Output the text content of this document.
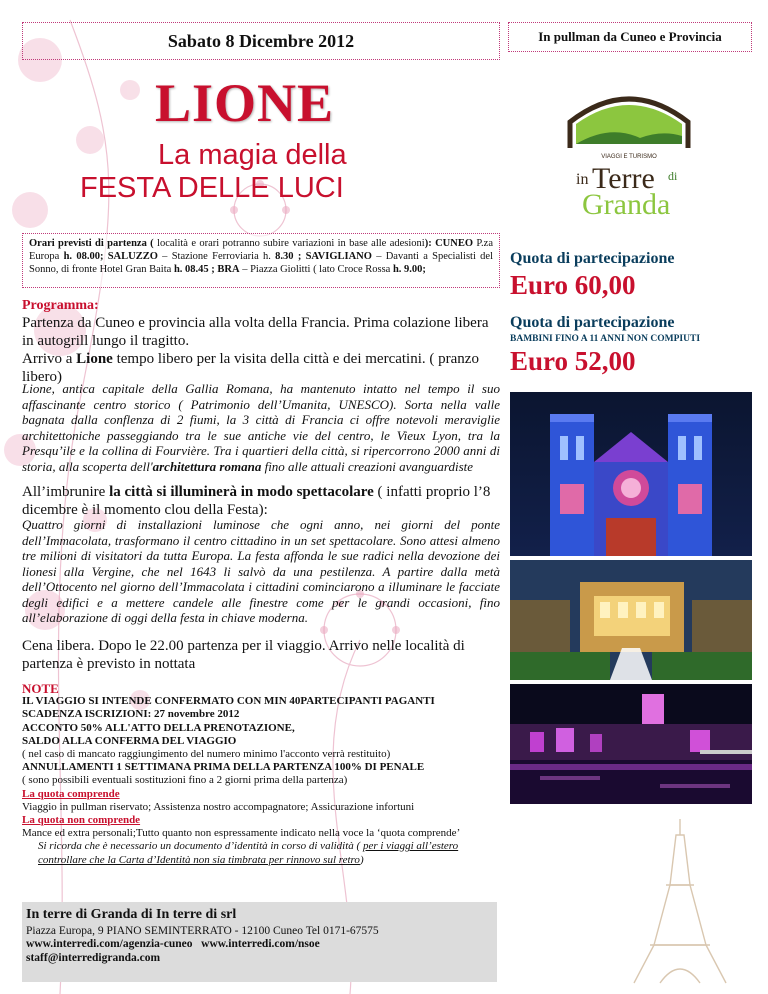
Sabato 8 Dicembre 2012	In pullman da Cuneo e Provincia
LIONE
La magia della
FESTA DELLE LUCI
Orari previsti di partenza ( località e orari potranno subire variazioni in base alle adesioni): CUNEO P.za Europa h. 08.00; SALUZZO – Stazione Ferroviaria h. 8.30 ; SAVIGLIANO – Davanti a Specialisti del Sonno, di fronte Hotel Gran Baita h. 08.45 ; BRA – Piazza Giolitti ( lato Croce Rossa h. 9.00;
Programma:
Partenza da Cuneo e provincia alla volta della Francia. Prima colazione libera in autogrill lungo il tragitto.
Arrivo a Lione tempo libero per la visita della città e dei mercatini. ( pranzo libero)
Lione, antica capitale della Gallia Romana, ha mantenuto intatto nel tempo il suo affascinante centro storico ( Patrimonio dell’Umanita, UNESCO). Sorta nella valle bagnata dalla conflenza di 2 fiumi, la 3 città di Francia ci offre notevoli meraviglie architettoniche passeggiando tra le sue antiche vie del centro, le Vieux Lyon, tra la Presqu’ile e la collina di Fourvière. Tra i quartieri della città, si ripercorrono 2000 anni di storia, alla scoperta dell'architettura romana fino alle attuali creazioni avanguardiste
All’imbrunire la città si illuminerà in modo spettacolare ( infatti proprio l’8 dicembre è il momento clou della Festa):
Quattro giorni di installazioni luminose che ogni anno, nei giorni del ponte dell’Immacolata, trasformano il centro cittadino in un set spettacolare. Sono attesi almeno tre milioni di visitatori da tutta Europa. La festa affonda le sue radici nella devozione dei lionesi alla Vergine, che nel 1643 li salvò da una pestilenza. A partire dalla metà dell’Ottocento nel giorno dell’Immacolata i cittadini cominciarono a illuminare le facciate degli edifici e a mettere candele alle finestre come per le grandi occasioni, fino all’elaborazione di oggi della festa in chiave moderna.
Cena libera. Dopo le 22.00 partenza per il viaggio. Arrivo nelle località di partenza è previsto in nottata
NOTE
IL VIAGGIO SI INTENDE CONFERMATO CON MIN 40PARTECIPANTI PAGANTI
SCADENZA ISCRIZIONI: 27 novembre 2012
ACCONTO 50% ALL'ATTO DELLA PRENOTAZIONE,
SALDO ALLA CONFERMA DEL VIAGGIO
( nel caso di mancato raggiungimento del numero minimo l'acconto verrà restituito)
ANNULLAMENTI 1 SETTIMANA PRIMA DELLA PARTENZA 100% DI PENALE
( sono possibili eventuali sostituzioni fino a 2 giorni prima della partenza)
La quota comprende
Viaggio in pullman riservato; Assistenza nostro accompagnatore; Assicurazione infortuni
La quota non comprende
Mance ed extra personali;Tutto quanto non espressamente indicato nella voce la ‘quota comprende’
Si ricorda che è necessario un documento d’identità in corso di validità ( per i viaggi all’estero controllare che la Carta d’Identità non sia timbrata per rinnovo sul retro)
In terre di Granda di In terre di srl
Piazza Europa, 9 PIANO SEMINTERRATO - 12100 Cuneo Tel 0171-67575
www.interredi.com/agenzia-cuneo www.interredi.com/nsoe
staff@interredigranda.com
VIAGGI E TURISMO
in Terre di
Granda
Quota di partecipazione
Euro 60,00
Quota di partecipazione
BAMBINI FINO A 11 ANNI NON COMPIUTI
Euro 52,00
